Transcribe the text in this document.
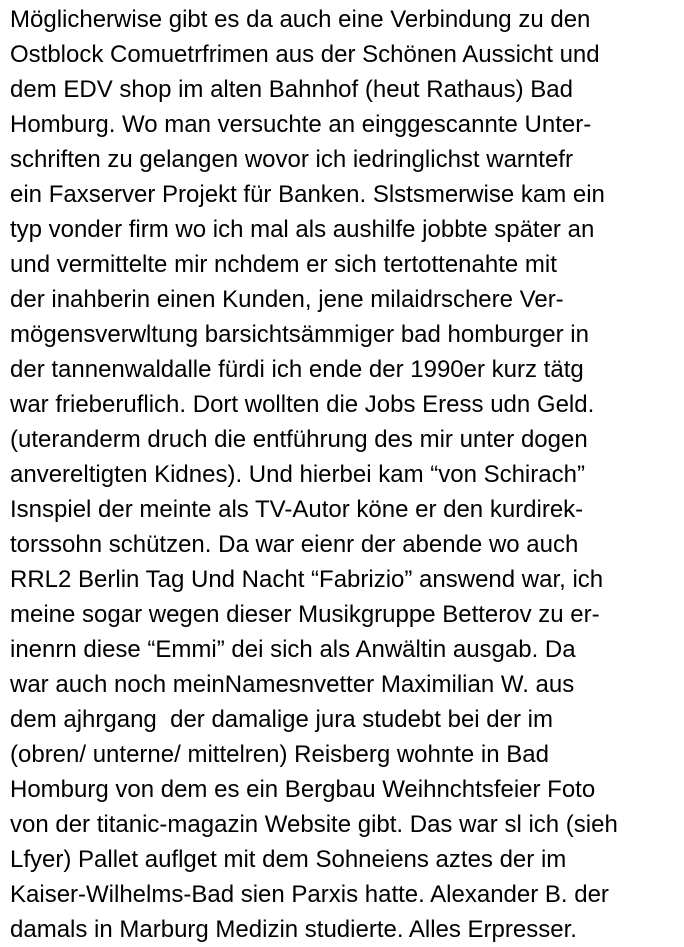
Möglicherwise gibt es da auch eine Verbindung zu den
Ostblock Comuetrfrimen aus der Schönen Aussicht und
dem EDV shop im alten Bahnhof (heut Rathaus) Bad
Homburg. Wo man versuchte an einggescannte Unter-
schriften zu gelangen wovor ich iedringlichst warntefr
ein Faxserver Projekt für Banken. Slstsmerwise kam ein
typ vonder firm wo ich mal als aushilfe jobbte später an
und vermittelte mir nchdem er sich tertottenahte mit
der inahberin einen Kunden, jene milaidrschere Ver-
mögensverwltung barsichtsämmiger bad homburger in
der tannenwaldalle fürdi ich ende der 1990er kurz tätg
war frieberuflich. Dort wollten die Jobs Eress udn Geld.
(uteranderm druch die entführung des mir unter dogen
anvereltigten Kidnes). Und hierbei kam “von Schirach”
Isnspiel der meinte als TV-Autor köne er den kurdirek-
torssohn schützen. Da war eienr der abende wo auch
RRL2 Berlin Tag Und Nacht “Fabrizio” answend war, ich
meine sogar wegen dieser Musikgruppe Betterov zu er-
inenrn diese “Emmi” dei sich als Anwältin ausgab. Da
war auch noch meinNamesnvetter Maximilian W. aus
dem ajhrgang  der damalige jura studebt bei der im
(obren/ unterne/ mittelren) Reisberg wohnte in Bad
Homburg von dem es ein Bergbau Weihnchtsfeier Foto
von der titanic-magazin Website gibt. Das war sl ich (sieh
Lfyer) Pallet auflget mit dem Sohneiens aztes der im
Kaiser-Wilhelms-Bad sien Parxis hatte. Alexander B. der
damals in Marburg Medizin studierte. Alles Erpresser.
